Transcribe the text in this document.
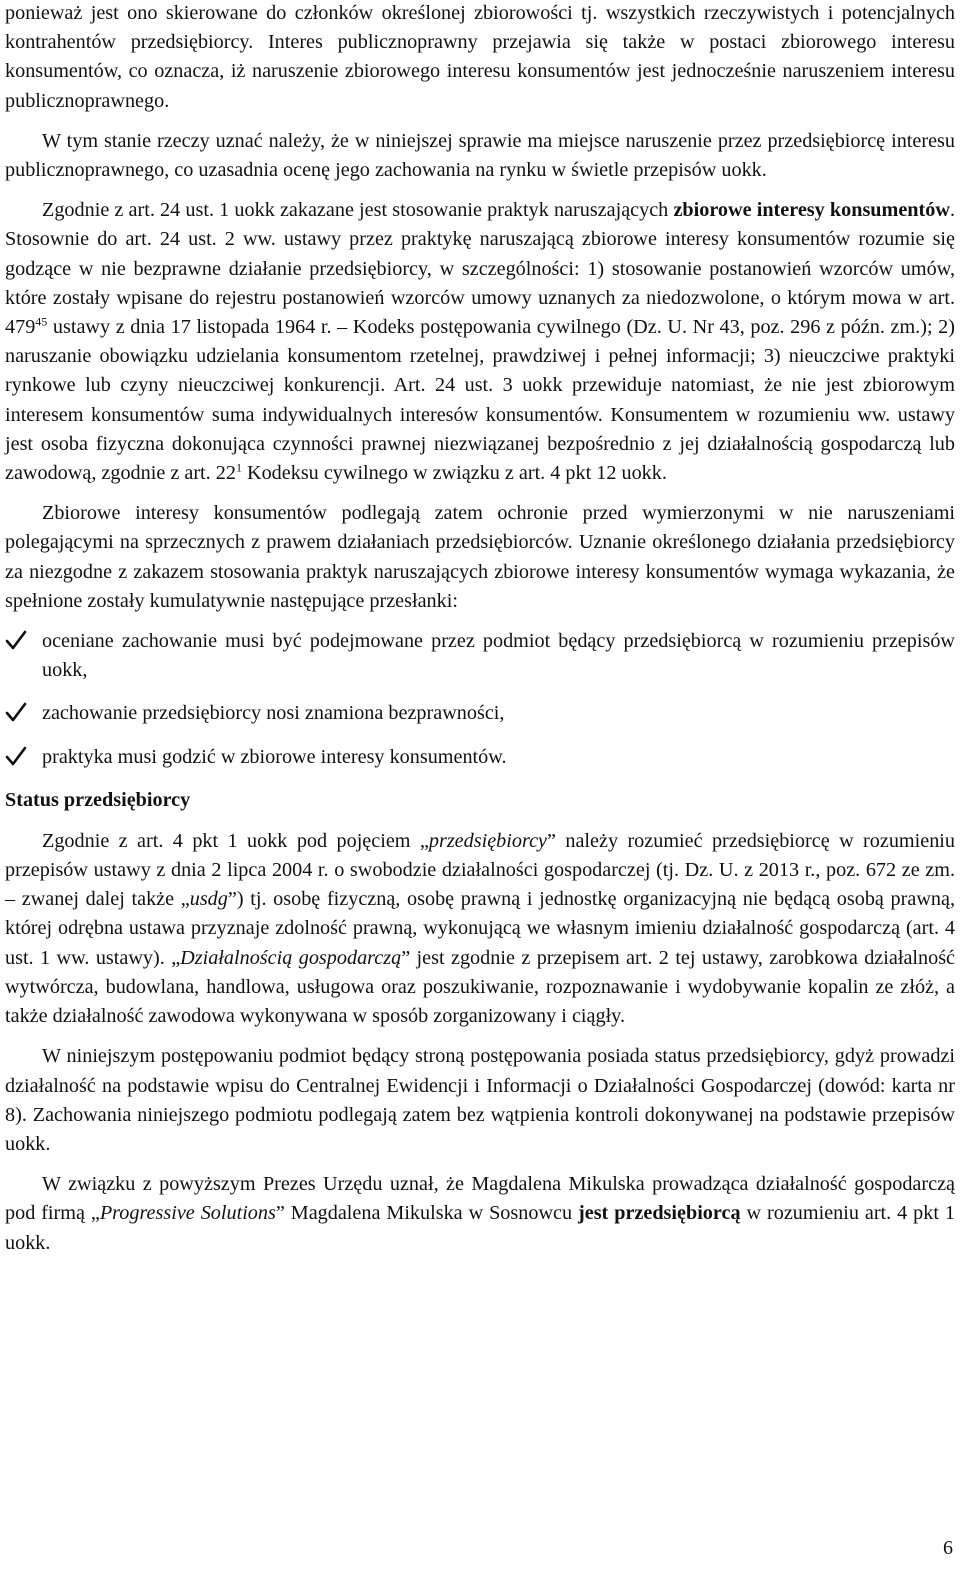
ponieważ jest ono skierowane do członków określonej zbiorowości tj. wszystkich rzeczywistych i potencjalnych kontrahentów przedsiębiorcy. Interes publicznoprawny przejawia się także w postaci zbiorowego interesu konsumentów, co oznacza, iż naruszenie zbiorowego interesu konsumentów jest jednocześnie naruszeniem interesu publicznoprawnego.

W tym stanie rzeczy uznać należy, że w niniejszej sprawie ma miejsce naruszenie przez przedsiębiorcę interesu publicznoprawnego, co uzasadnia ocenę jego zachowania na rynku w świetle przepisów uokk.

Zgodnie z art. 24 ust. 1 uokk zakazane jest stosowanie praktyk naruszających zbiorowe interesy konsumentów. Stosownie do art. 24 ust. 2 ww. ustawy przez praktykę naruszającą zbiorowe interesy konsumentów rozumie się godzące w nie bezprawne działanie przedsiębiorcy, w szczególności: 1) stosowanie postanowień wzorców umów, które zostały wpisane do rejestru postanowień wzorców umowy uznanych za niedozwolone, o którym mowa w art. $479^{45}$ ustawy z dnia 17 listopada 1964 r. – Kodeks postępowania cywilnego (Dz. U. Nr 43, poz. 296 z późn. zm.); 2) naruszanie obowiązku udzielania konsumentom rzetelnej, prawdziwej i pełnej informacji; 3) nieuczciwe praktyki rynkowe lub czyny nieuczciwej konkurencji. Art. 24 ust. 3 uokk przewiduje natomiast, że nie jest zbiorowym interesem konsumentów suma indywidualnych interesów konsumentów. Konsumentem w rozumieniu ww. ustawy jest osoba fizyczna dokonująca czynności prawnej niezwiązanej bezpośrednio z jej działalnością gospodarczą lub zawodową, zgodnie z art. $22^1$ Kodeksu cywilnego w związku z art. 4 pkt 12 uokk.

Zbiorowe interesy konsumentów podlegają zatem ochronie przed wymierzonymi w nie naruszeniami polegającymi na sprzecznych z prawem działaniach przedsiębiorców. Uznanie określonego działania przedsiębiorcy za niezgodne z zakazem stosowania praktyk naruszających zbiorowe interesy konsumentów wymaga wykazania, że spełnione zostały kumulatywnie następujące przesłanki:

oceniane zachowanie musi być podejmowane przez podmiot będący przedsiębiorcą w rozumieniu przepisów uokk,
zachowanie przedsiębiorcy nosi znamiona bezprawności,
praktyka musi godzić w zbiorowe interesy konsumentów.
Status przedsiębiorcy

Zgodnie z art. 4 pkt 1 uokk pod pojęciem „przedsiębiorcy” należy rozumieć przedsiębiorcę w rozumieniu przepisów ustawy z dnia 2 lipca 2004 r. o swobodzie działalności gospodarczej (tj. Dz. U. z 2013 r., poz. 672 ze zm. – zwanej dalej także „usdg”) tj. osobę fizyczną, osobę prawną i jednostkę organizacyjną nie będącą osobą prawną, której odrębna ustawa przyznaje zdolność prawną, wykonującą we własnym imieniu działalność gospodarczą (art. 4 ust. 1 ww. ustawy). „Działalnością gospodarczą” jest zgodnie z przepisem art. 2 tej ustawy, zarobkowa działalność wytwórcza, budowlana, handlowa, usługowa oraz poszukiwanie, rozpoznawanie i wydobywanie kopalin ze złóż, a także działalność zawodowa wykonywana w sposób zorganizowany i ciągły.

W niniejszym postępowaniu podmiot będący stroną postępowania posiada status przedsiębiorcy, gdyż prowadzi działalność na podstawie wpisu do Centralnej Ewidencji i Informacji o Działalności Gospodarczej (dowód: karta nr 8). Zachowania niniejszego podmiotu podlegają zatem bez wątpienia kontroli dokonywanej na podstawie przepisów uokk.

W związku z powyższym Prezes Urzędu uznał, że Magdalena Mikulska prowadząca działalność gospodarczą pod firmą „Progressive Solutions” Magdalena Mikulska w Sosnowcu jest przedsiębiorcą w rozumieniu art. 4 pkt 1 uokk.

6
